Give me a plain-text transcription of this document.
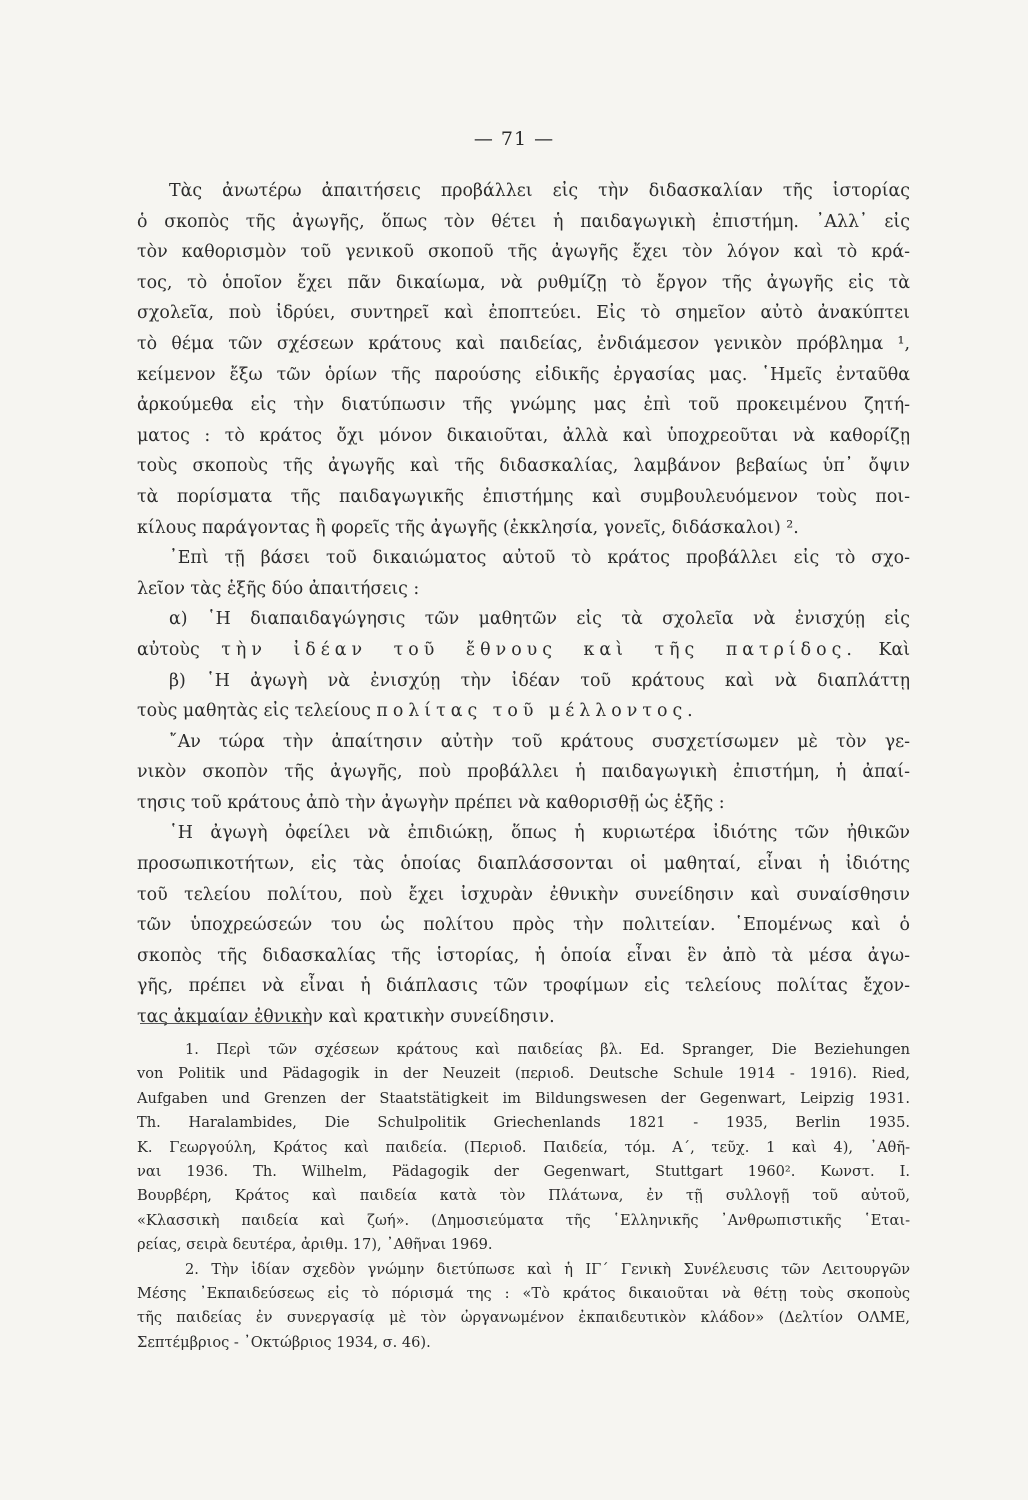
— 71 —
Τὰς ἀνωτέρω ἀπαιτήσεις προβάλλει εἰς τὴν διδασκαλίαν τῆς ἱστορίας
ὁ σκοπὸς τῆς ἀγωγῆς, ὅπως τὸν θέτει ἡ παιδαγωγικὴ ἐπιστήμη. ᾿Αλλ᾿ εἰς
τὸν καθορισμὸν τοῦ γενικοῦ σκοποῦ τῆς ἀγωγῆς ἔχει τὸν λόγον καὶ τὸ κρά-
τος, τὸ ὁποῖον ἔχει πᾶν δικαίωμα, νὰ ρυθμίζῃ τὸ ἔργον τῆς ἀγωγῆς εἰς τὰ
σχολεῖα, ποὺ ἱδρύει, συντηρεῖ καὶ ἐποπτεύει. Εἰς τὸ σημεῖον αὐτὸ ἀνακύπτει
τὸ θέμα τῶν σχέσεων κράτους καὶ παιδείας, ἐνδιάμεσον γενικὸν πρόβλημα ¹,
κείμενον ἔξω τῶν ὁρίων τῆς παρούσης εἰδικῆς ἐργασίας μας. ῾Ημεῖς ἐνταῦθα
ἀρκούμεθα εἰς τὴν διατύπωσιν τῆς γνώμης μας ἐπὶ τοῦ προκειμένου ζητή-
ματος : τὸ κράτος ὄχι μόνον δικαιοῦται, ἀλλὰ καὶ ὑποχρεοῦται νὰ καθορίζῃ
τοὺς σκοποὺς τῆς ἀγωγῆς καὶ τῆς διδασκαλίας, λαμβάνον βεβαίως ὑπ᾿ ὄψιν
τὰ πορίσματα τῆς παιδαγωγικῆς ἐπιστήμης καὶ συμβουλευόμενον τοὺς ποι-
κίλους παράγοντας ἢ φορεῖς τῆς ἀγωγῆς (ἐκκλησία, γονεῖς, διδάσκαλοι) ².
᾿Επὶ τῇ βάσει τοῦ δικαιώματος αὐτοῦ τὸ κράτος προβάλλει εἰς τὸ σχο-
λεῖον τὰς ἑξῆς δύο ἀπαιτήσεις :
α) ῾Η διαπαιδαγώγησις τῶν μαθητῶν εἰς τὰ σχολεῖα νὰ ἐνισχύῃ εἰς
αὐτοὺς τὴν ἰδέαν τοῦ ἔθνους καὶ τῆς πατρίδος. Καὶ
β) ῾Η ἀγωγὴ νὰ ἐνισχύῃ τὴν ἰδέαν τοῦ κράτους καὶ νὰ διαπλάττῃ
τοὺς μαθητὰς εἰς τελείους πολίτας τοῦ μέλλοντος.
῎Αν τώρα τὴν ἀπαίτησιν αὐτὴν τοῦ κράτους συσχετίσωμεν μὲ τὸν γε-
νικὸν σκοπὸν τῆς ἀγωγῆς, ποὺ προβάλλει ἡ παιδαγωγικὴ ἐπιστήμη, ἡ ἀπαί-
τησις τοῦ κράτους ἀπὸ τὴν ἀγωγὴν πρέπει νὰ καθορισθῇ ὡς ἑξῆς :
῾Η ἀγωγὴ ὀφείλει νὰ ἐπιδιώκῃ, ὅπως ἡ κυριωτέρα ἰδιότης τῶν ἠθικῶν
προσωπικοτήτων, εἰς τὰς ὁποίας διαπλάσσονται οἱ μαθηταί, εἶναι ἡ ἰδιότης
τοῦ τελείου πολίτου, ποὺ ἔχει ἰσχυρὰν ἐθνικὴν συνείδησιν καὶ συναίσθησιν
τῶν ὑποχρεώσεών του ὡς πολίτου πρὸς τὴν πολιτείαν. ῾Επομένως καὶ ὁ
σκοπὸς τῆς διδασκαλίας τῆς ἱστορίας, ἡ ὁποία εἶναι ἓν ἀπὸ τὰ μέσα ἀγω-
γῆς, πρέπει νὰ εἶναι ἡ διάπλασις τῶν τροφίμων εἰς τελείους πολίτας ἔχον-
τας ἀκμαίαν ἐθνικὴν καὶ κρατικὴν συνείδησιν.
1. Περὶ τῶν σχέσεων κράτους καὶ παιδείας βλ. Ed. Spranger, Die Beziehungen
von Politik und Pädagogik in der Neuzeit (περιοδ. Deutsche Schule 1914 - 1916). Ried,
Aufgaben und Grenzen der Staatstätigkeit im Bildungswesen der Gegenwart, Leipzig 1931.
Th. Haralambides, Die Schulpolitik Griechenlands 1821 - 1935, Berlin 1935.
Κ. Γεωργούλη, Κράτος καὶ παιδεία. (Περιοδ. Παιδεία, τόμ. Α΄, τεῦχ. 1 καὶ 4), ᾿Αθῆ-
ναι 1936. Th. Wilhelm, Pädagogik der Gegenwart, Stuttgart 1960². Κωνστ. Ι.
Βουρβέρη, Κράτος καὶ παιδεία κατὰ τὸν Πλάτωνα, ἐν τῇ συλλογῇ τοῦ αὐτοῦ,
«Κλασσικὴ παιδεία καὶ ζωή». (Δημοσιεύματα τῆς ῾Ελληνικῆς ᾿Ανθρωπιστικῆς ῾Εται-
ρείας, σειρὰ δευτέρα, ἀριθμ. 17), ᾿Αθῆναι 1969.
2. Τὴν ἰδίαν σχεδὸν γνώμην διετύπωσε καὶ ἡ ΙΓ΄ Γενικὴ Συνέλευσις τῶν Λειτουργῶν
Μέσης ᾿Εκπαιδεύσεως εἰς τὸ πόρισμά της : «Τὸ κράτος δικαιοῦται νὰ θέτῃ τοὺς σκοποὺς
τῆς παιδείας ἐν συνεργασίᾳ μὲ τὸν ὠργανωμένον ἐκπαιδευτικὸν κλάδον» (Δελτίον ΟΛΜΕ,
Σεπτέμβριος - ᾿Οκτώβριος 1934, σ. 46).
